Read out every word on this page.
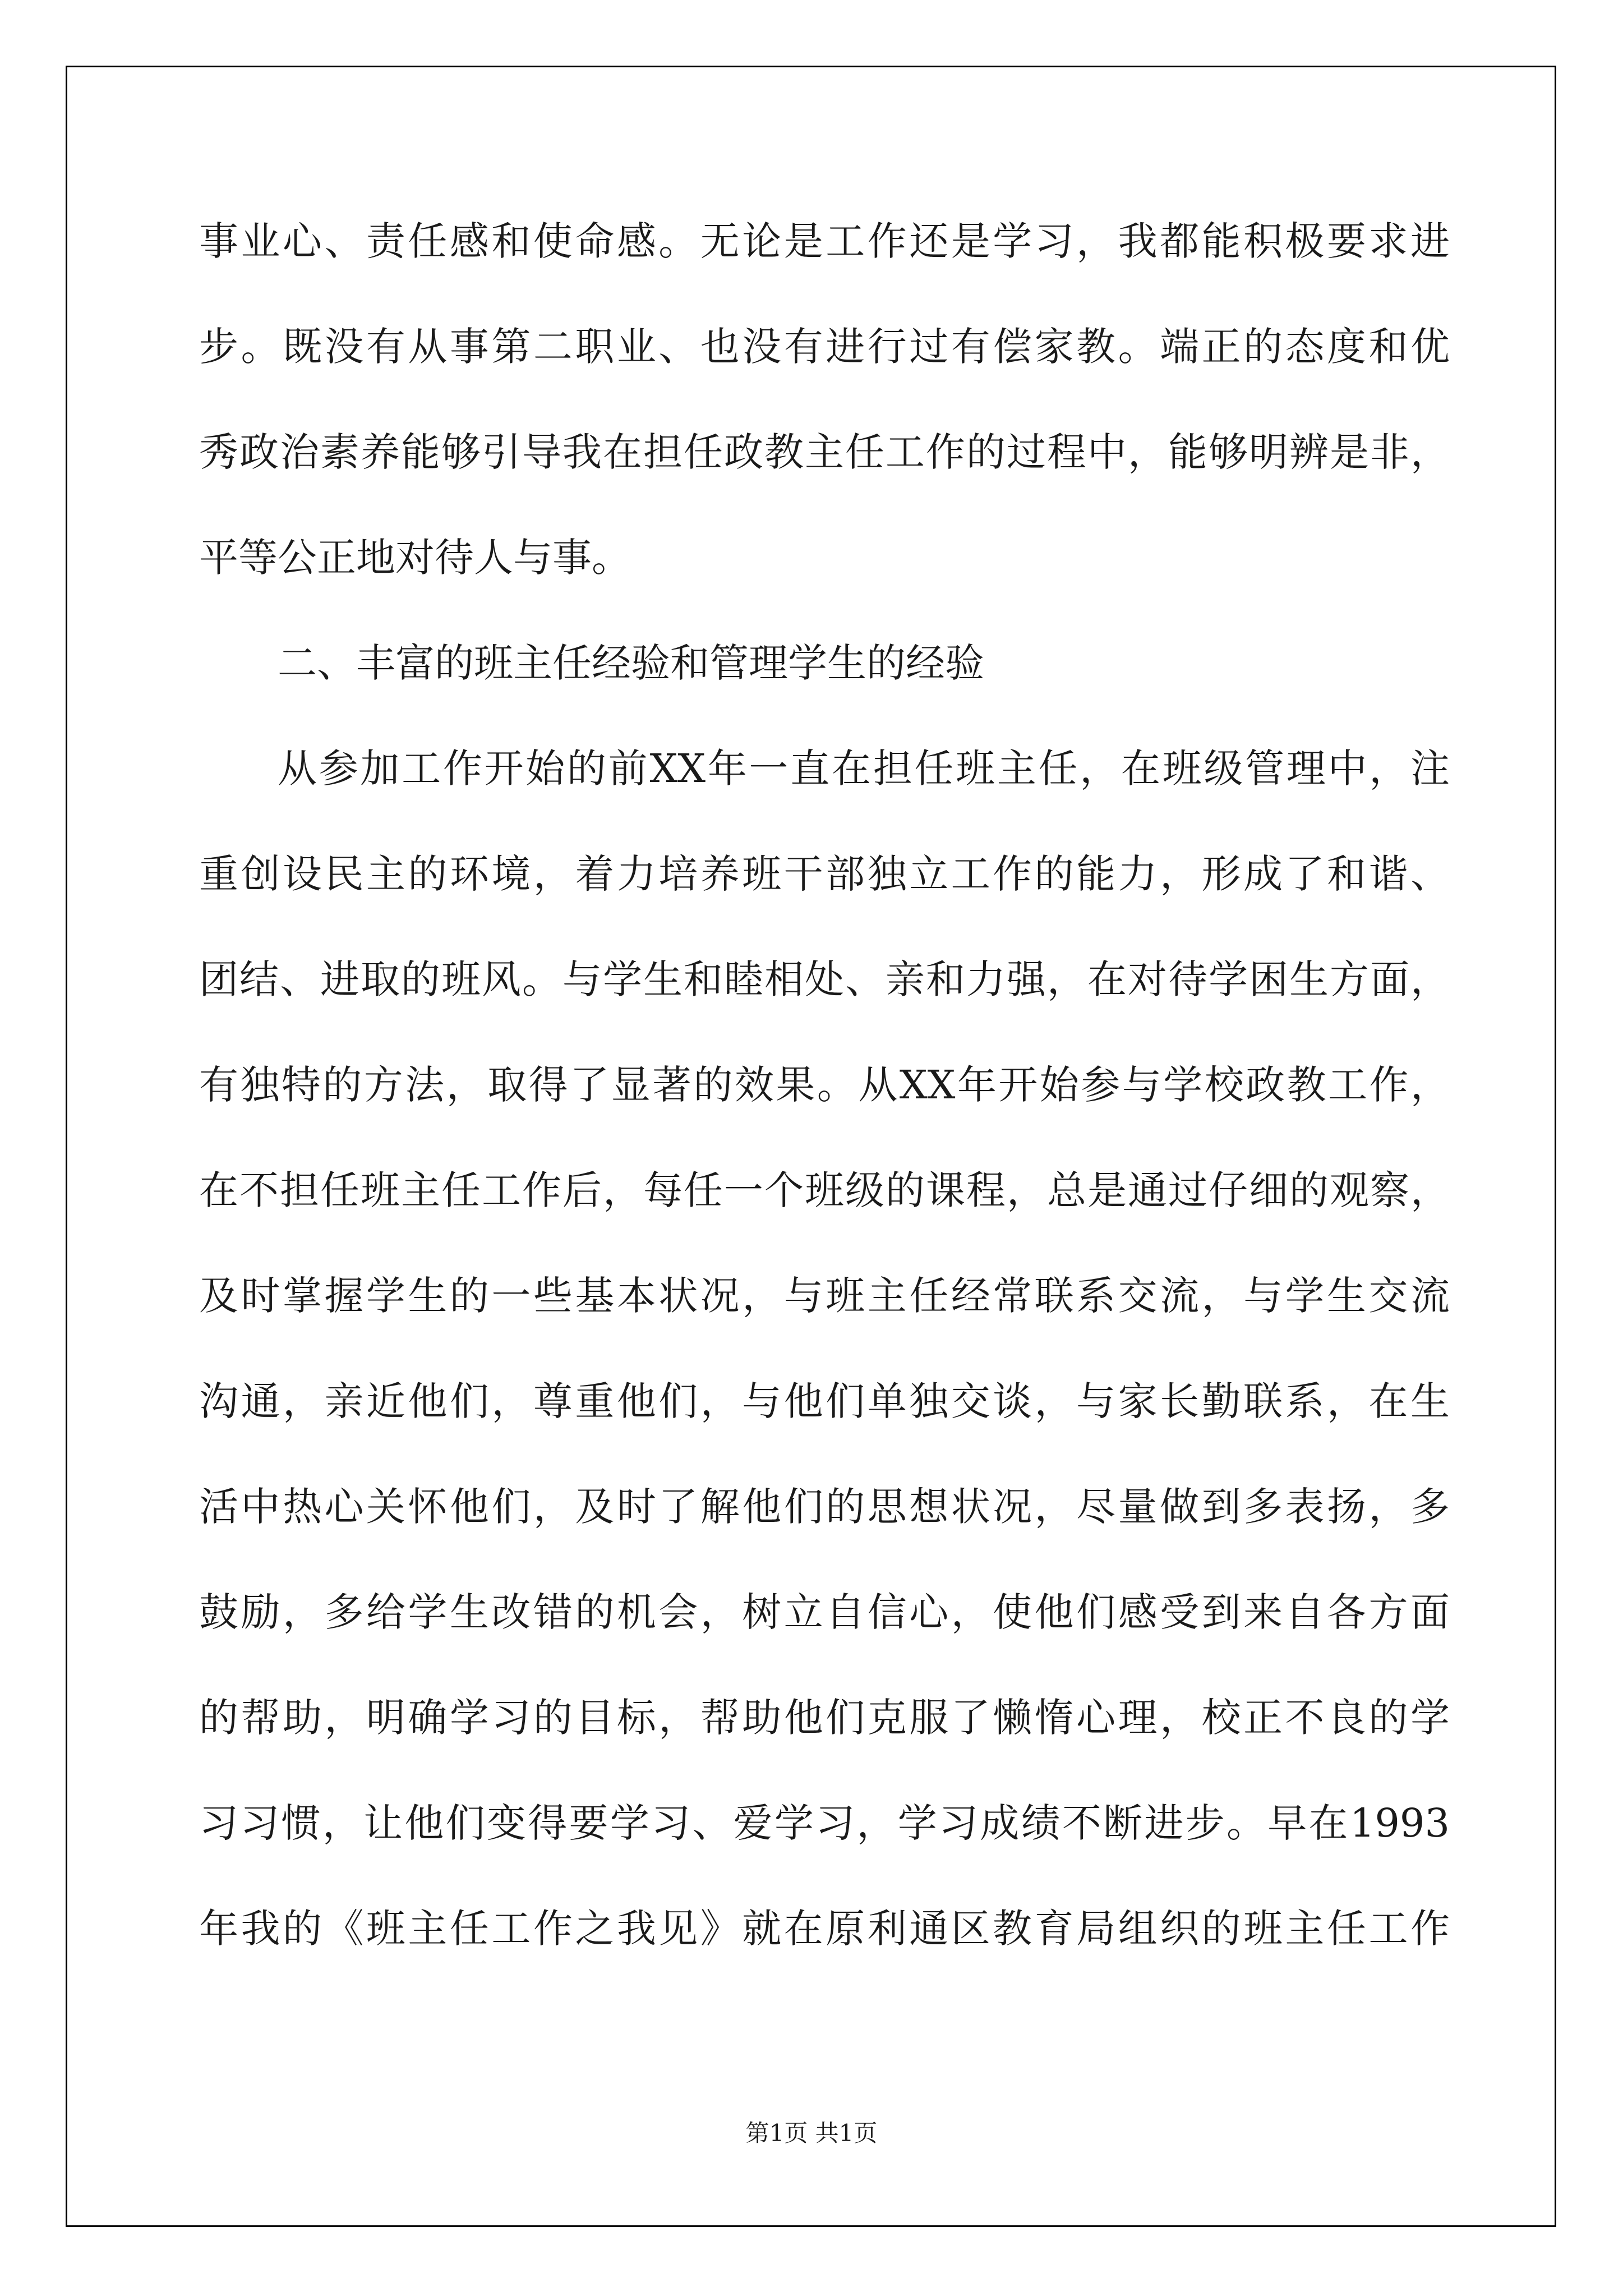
事业心、责任感和使命感。无论是工作还是学习，我都能积极要求进
步。既没有从事第二职业、也没有进行过有偿家教。端正的态度和优
秀政治素养能够引导我在担任政教主任工作的过程中，能够明辨是非，
平等公正地对待人与事。
二、丰富的班主任经验和管理学生的经验
从参加工作开始的前XX年一直在担任班主任，在班级管理中，注
重创设民主的环境，着力培养班干部独立工作的能力，形成了和谐、
团结、进取的班风。与学生和睦相处、亲和力强，在对待学困生方面，
有独特的方法，取得了显著的效果。从XX年开始参与学校政教工作，
在不担任班主任工作后，每任一个班级的课程，总是通过仔细的观察，
及时掌握学生的一些基本状况，与班主任经常联系交流，与学生交流
沟通，亲近他们，尊重他们，与他们单独交谈，与家长勤联系，在生
活中热心关怀他们，及时了解他们的思想状况，尽量做到多表扬，多
鼓励，多给学生改错的机会，树立自信心，使他们感受到来自各方面
的帮助，明确学习的目标，帮助他们克服了懒惰心理，校正不良的学
习习惯，让他们变得要学习、爱学习，学习成绩不断进步。早在1993
年我的《班主任工作之我见》就在原利通区教育局组织的班主任工作
第1页 共1页
